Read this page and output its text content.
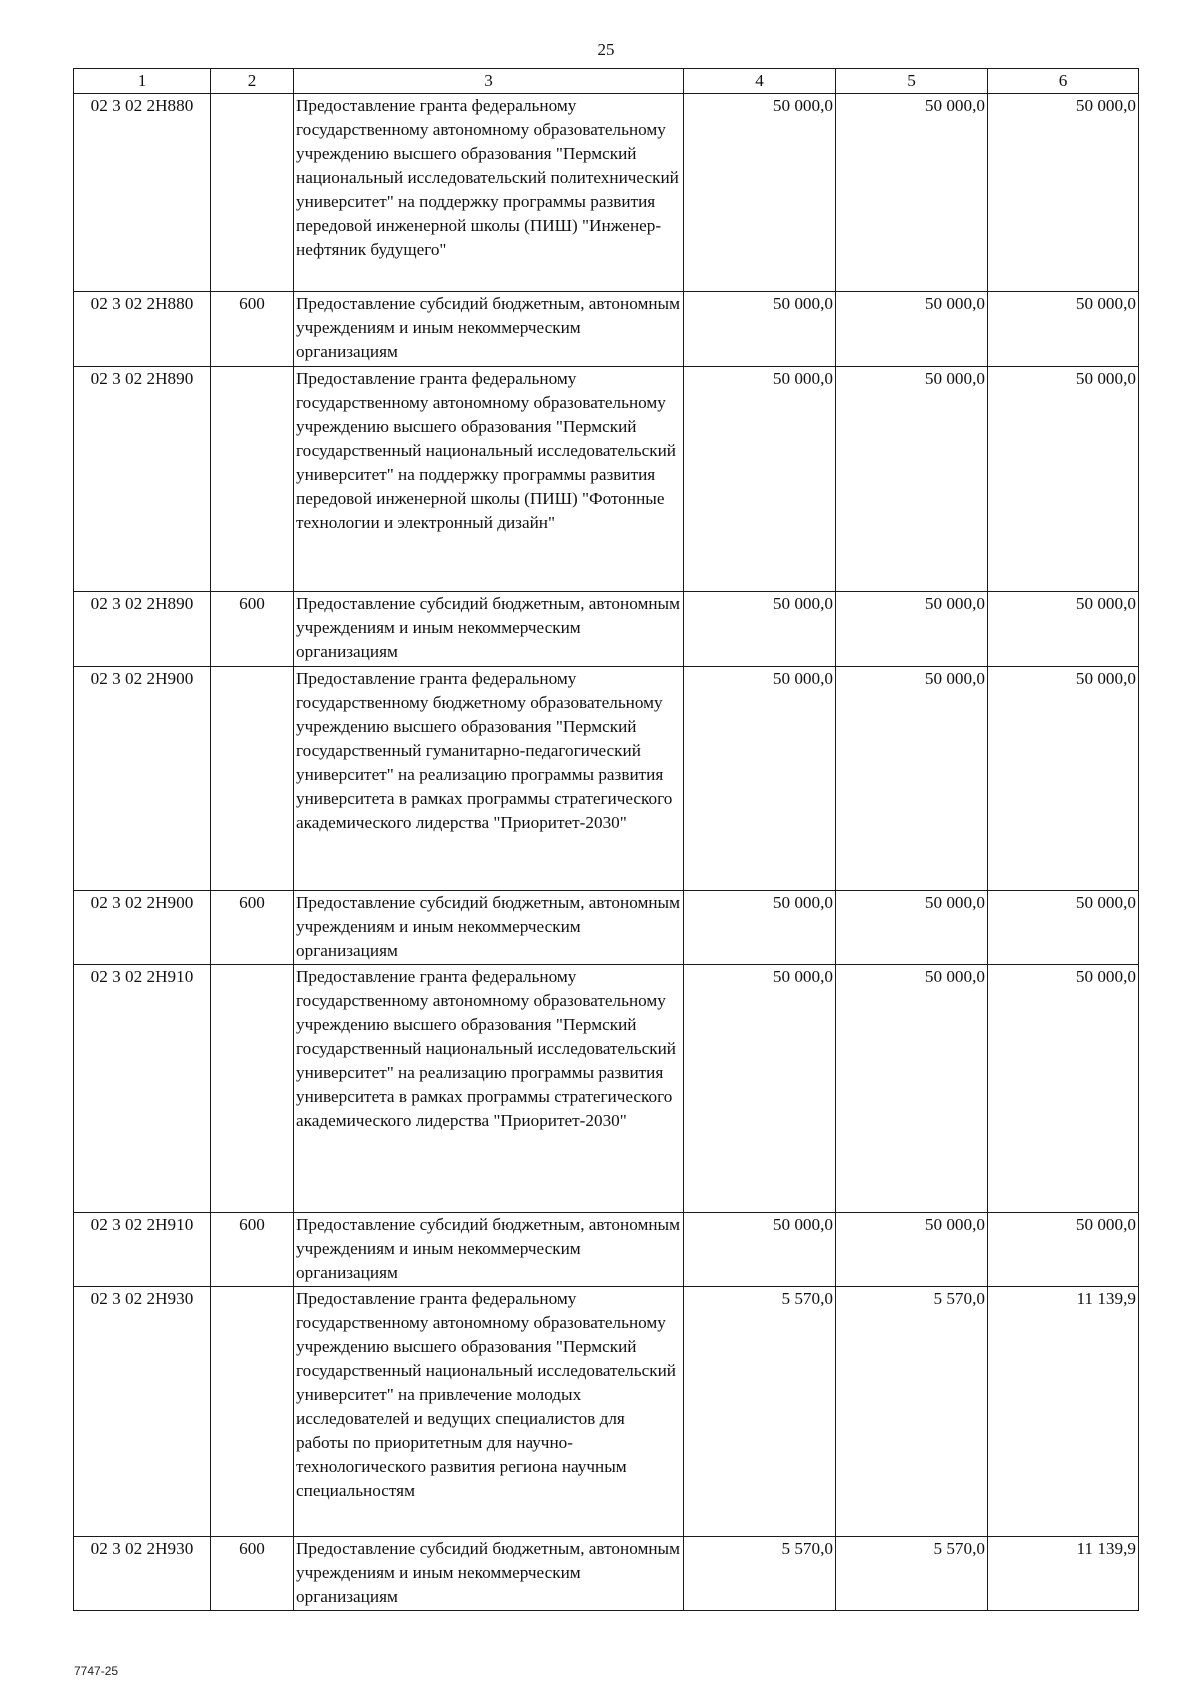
25
1	2	3	4	5	6
02 3 02 2Н880		Предоставление гранта федеральному государственному автономному образовательному учреждению высшего образования "Пермский национальный исследовательский политехнический университет" на поддержку программы развития передовой инженерной школы (ПИШ) "Инженер-нефтяник будущего"	50 000,0	50 000,0	50 000,0
02 3 02 2Н880	600	Предоставление субсидий бюджетным, автономным учреждениям и иным некоммерческим организациям	50 000,0	50 000,0	50 000,0
02 3 02 2Н890		Предоставление гранта федеральному государственному автономному образовательному учреждению высшего образования "Пермский государственный национальный исследовательский университет" на поддержку программы развития передовой инженерной школы (ПИШ) "Фотонные технологии и электронный дизайн"	50 000,0	50 000,0	50 000,0
02 3 02 2Н890	600	Предоставление субсидий бюджетным, автономным учреждениям и иным некоммерческим организациям	50 000,0	50 000,0	50 000,0
02 3 02 2Н900		Предоставление гранта федеральному государственному бюджетному образовательному учреждению высшего образования "Пермский государственный гуманитарно-педагогический университет" на реализацию программы развития университета в рамках программы стратегического академического лидерства "Приоритет-2030"	50 000,0	50 000,0	50 000,0
02 3 02 2Н900	600	Предоставление субсидий бюджетным, автономным учреждениям и иным некоммерческим организациям	50 000,0	50 000,0	50 000,0
02 3 02 2Н910		Предоставление гранта федеральному государственному автономному образовательному учреждению высшего образования "Пермский государственный национальный исследовательский университет" на реализацию программы развития университета в рамках программы стратегического академического лидерства "Приоритет-2030"	50 000,0	50 000,0	50 000,0
02 3 02 2Н910	600	Предоставление субсидий бюджетным, автономным учреждениям и иным некоммерческим организациям	50 000,0	50 000,0	50 000,0
02 3 02 2Н930		Предоставление гранта федеральному государственному автономному образовательному учреждению высшего образования "Пермский государственный национальный исследовательский университет" на привлечение молодых исследователей и ведущих специалистов для работы по приоритетным для научно-технологического развития региона научным специальностям	5 570,0	5 570,0	11 139,9
02 3 02 2Н930	600	Предоставление субсидий бюджетным, автономным учреждениям и иным некоммерческим организациям	5 570,0	5 570,0	11 139,9
7747-25
